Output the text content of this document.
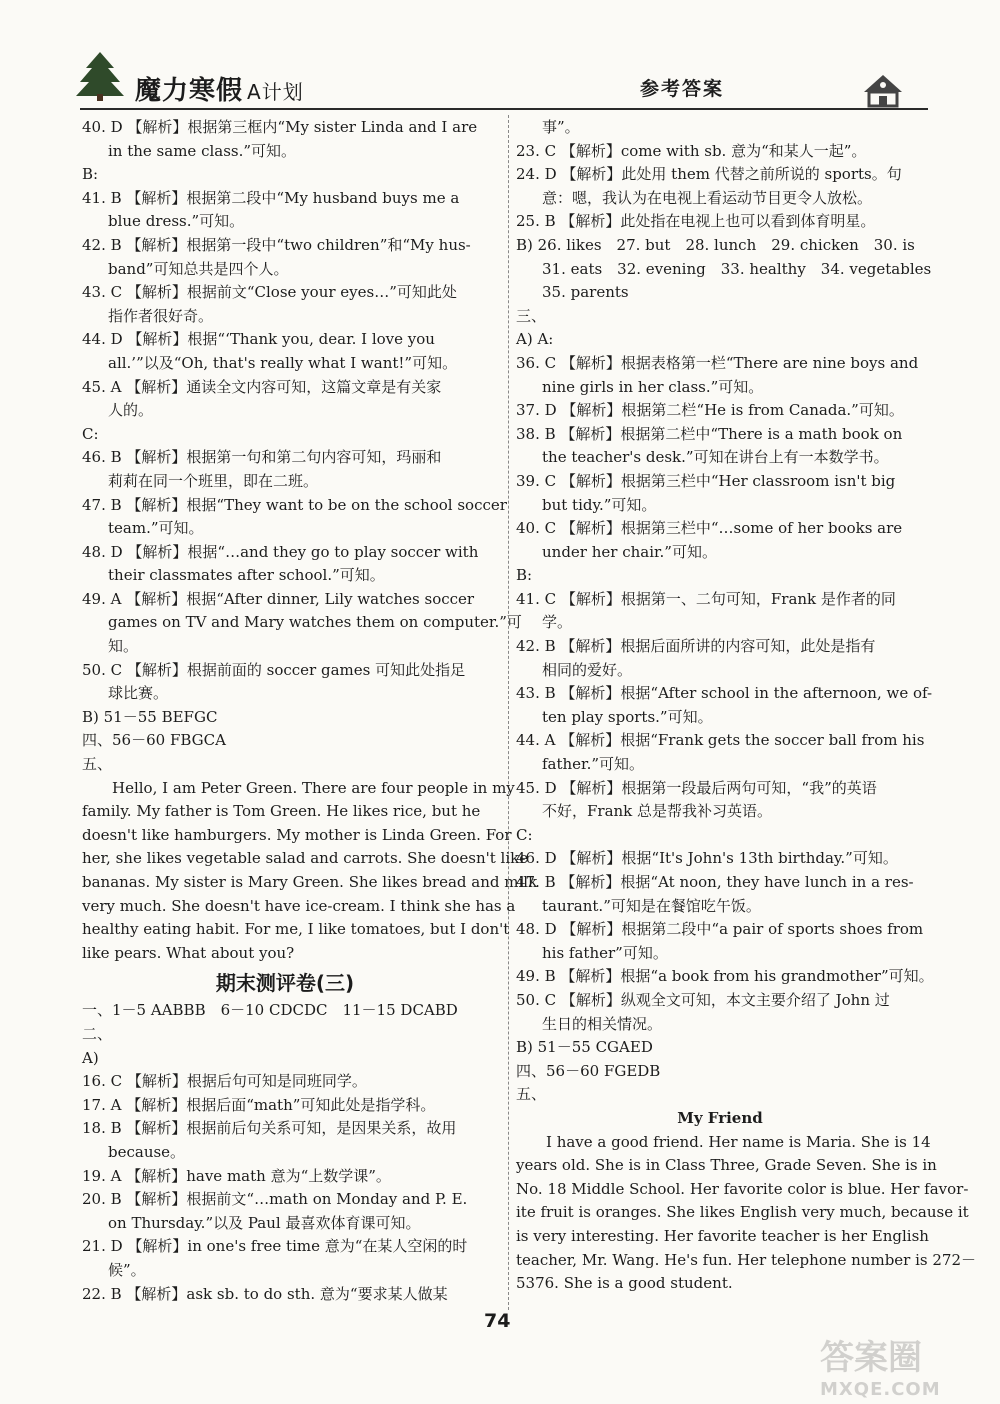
魔力寒假 A计划	参考答案
40. D 【解析】根据第三框内“My sister Linda and I are
in the same class.”可知。
B:
41. B 【解析】根据第二段中“My husband buys me a
blue dress.”可知。
42. B 【解析】根据第一段中“two children”和“My hus-
band”可知总共是四个人。
43. C 【解析】根据前文“Close your eyes…”可知此处
指作者很好奇。
44. D 【解析】根据“‘Thank you, dear. I love you
all.’”以及“Oh, that's really what I want!”可知。
45. A 【解析】通读全文内容可知，这篇文章是有关家
人的。
C:
46. B 【解析】根据第一句和第二句内容可知，玛丽和
莉莉在同一个班里，即在二班。
47. B 【解析】根据“They want to be on the school soccer
team.”可知。
48. D 【解析】根据“…and they go to play soccer with
their classmates after school.”可知。
49. A 【解析】根据“After dinner, Lily watches soccer
games on TV and Mary watches them on computer.”可
知。
50. C 【解析】根据前面的 soccer games 可知此处指足
球比赛。
B) 51－55 BEFGC
四、56－60 FBGCA
五、
Hello, I am Peter Green. There are four people in my
family. My father is Tom Green. He likes rice, but he
doesn't like hamburgers. My mother is Linda Green. For
her, she likes vegetable salad and carrots. She doesn't like
bananas. My sister is Mary Green. She likes bread and milk
very much. She doesn't have ice-cream. I think she has a
healthy eating habit. For me, I like tomatoes, but I don't
like pears. What about you?
期末测评卷(三)
一、1－5 AABBB　6－10 CDCDC　11－15 DCABD
二、
A)
16. C 【解析】根据后句可知是同班同学。
17. A 【解析】根据后面“math”可知此处是指学科。
18. B 【解析】根据前后句关系可知，是因果关系，故用
because。
19. A 【解析】have math 意为“上数学课”。
20. B 【解析】根据前文“…math on Monday and P. E.
on Thursday.”以及 Paul 最喜欢体育课可知。
21. D 【解析】in one's free time 意为“在某人空闲的时
候”。
22. B 【解析】ask sb. to do sth. 意为“要求某人做某
事”。
23. C 【解析】come with sb. 意为“和某人一起”。
24. D 【解析】此处用 them 代替之前所说的 sports。句
意：嗯，我认为在电视上看运动节目更令人放松。
25. B 【解析】此处指在电视上也可以看到体育明星。
B) 26. likes　27. but　28. lunch　29. chicken　30. is
31. eats　32. evening　33. healthy　34. vegetables
35. parents
三、
A) A:
36. C 【解析】根据表格第一栏“There are nine boys and
nine girls in her class.”可知。
37. D 【解析】根据第二栏“He is from Canada.”可知。
38. B 【解析】根据第二栏中“There is a math book on
the teacher's desk.”可知在讲台上有一本数学书。
39. C 【解析】根据第三栏中“Her classroom isn't big
but tidy.”可知。
40. C 【解析】根据第三栏中“…some of her books are
under her chair.”可知。
B:
41. C 【解析】根据第一、二句可知，Frank 是作者的同
学。
42. B 【解析】根据后面所讲的内容可知，此处是指有
相同的爱好。
43. B 【解析】根据“After school in the afternoon, we of-
ten play sports.”可知。
44. A 【解析】根据“Frank gets the soccer ball from his
father.”可知。
45. D 【解析】根据第一段最后两句可知，“我”的英语
不好，Frank 总是帮我补习英语。
C:
46. D 【解析】根据“It's John's 13th birthday.”可知。
47. B 【解析】根据“At noon, they have lunch in a res-
taurant.”可知是在餐馆吃午饭。
48. D 【解析】根据第二段中“a pair of sports shoes from
his father”可知。
49. B 【解析】根据“a book from his grandmother”可知。
50. C 【解析】纵观全文可知，本文主要介绍了 John 过
生日的相关情况。
B) 51－55 CGAED
四、56－60 FGEDB
五、
My Friend
I have a good friend. Her name is Maria. She is 14
years old. She is in Class Three, Grade Seven. She is in
No. 18 Middle School. Her favorite color is blue. Her favor-
ite fruit is oranges. She likes English very much, because it
is very interesting. Her favorite teacher is her English
teacher, Mr. Wang. He's fun. Her telephone number is 272－
5376. She is a good student.
74
答案圈
MXQE.COM
